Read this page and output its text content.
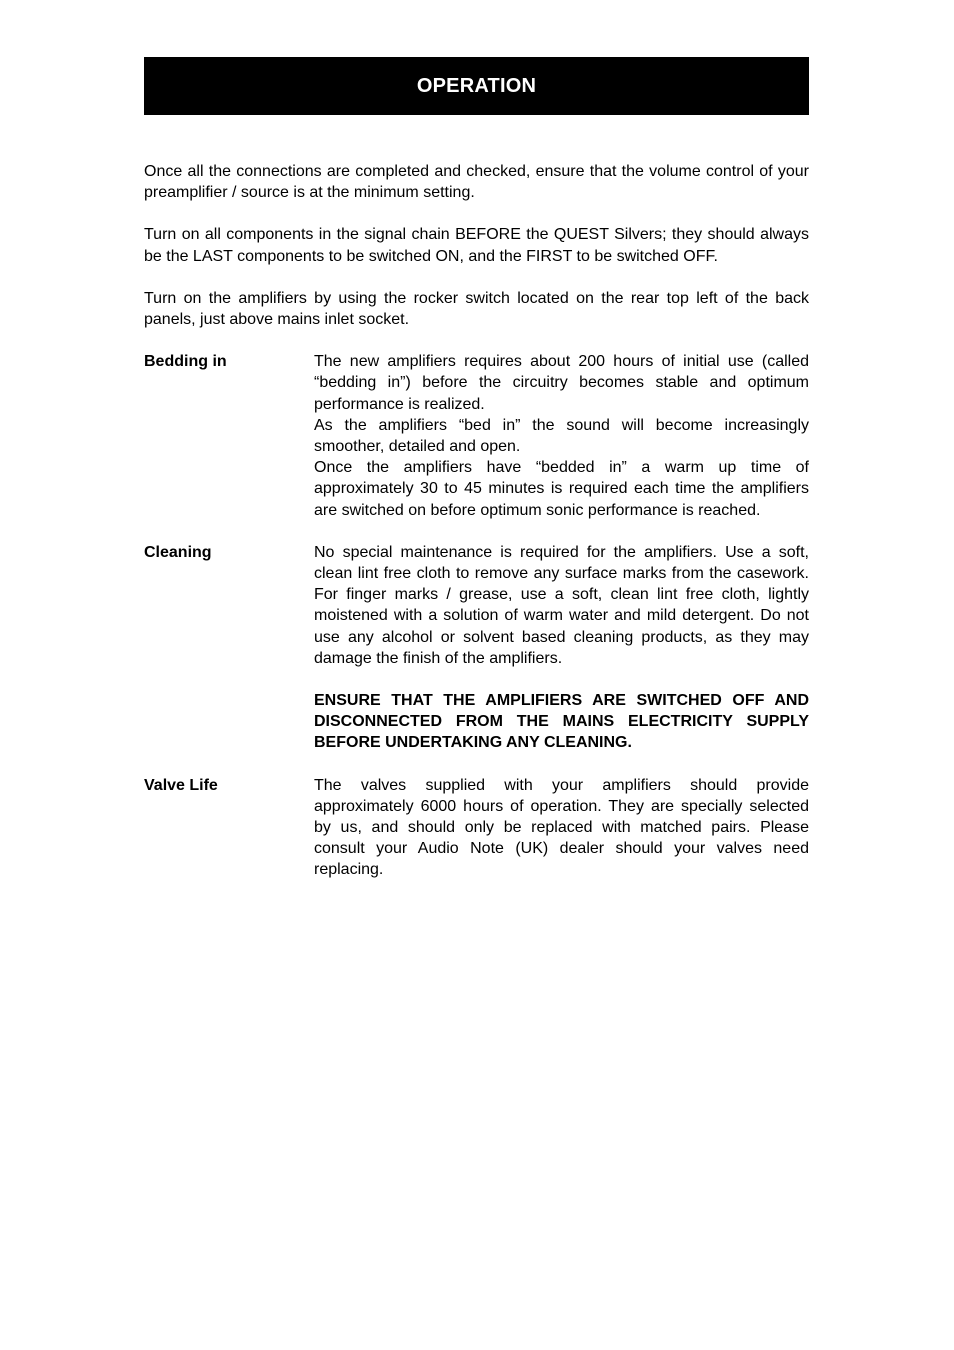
OPERATION

Once all the connections are completed and checked, ensure that the volume control of your preamplifier / source is at the minimum setting.

Turn on all components in the signal chain BEFORE the QUEST Silvers; they should always be the LAST components to be switched ON, and the FIRST to be switched OFF.

Turn on the amplifiers by using the rocker switch located on the rear top left of the back panels, just above mains inlet socket.

Bedding in	The new amplifiers requires about 200 hours of initial use (called “bedding in”) before the circuitry becomes stable and optimum performance is realized.

As the amplifiers “bed in” the sound will become increasingly smoother, detailed and open.

Once the amplifiers have “bedded in” a warm up time of approximately 30 to 45 minutes is required each time the amplifiers are switched on before optimum sonic performance is reached.

Cleaning	No special maintenance is required for the amplifiers. Use a soft, clean lint free cloth to remove any surface marks from the casework. For finger marks / grease, use a soft, clean lint free cloth, lightly moistened with a solution of warm water and mild detergent. Do not use any alcohol or solvent based cleaning products, as they may damage the finish of the amplifiers.

ENSURE THAT THE AMPLIFIERS ARE SWITCHED OFF AND DISCONNECTED FROM THE MAINS ELECTRICITY SUPPLY BEFORE UNDERTAKING ANY CLEANING.

Valve Life	The valves supplied with your amplifiers should provide approximately 6000 hours of operation. They are specially selected by us, and should only be replaced with matched pairs. Please consult your Audio Note (UK) dealer should your valves need replacing.
